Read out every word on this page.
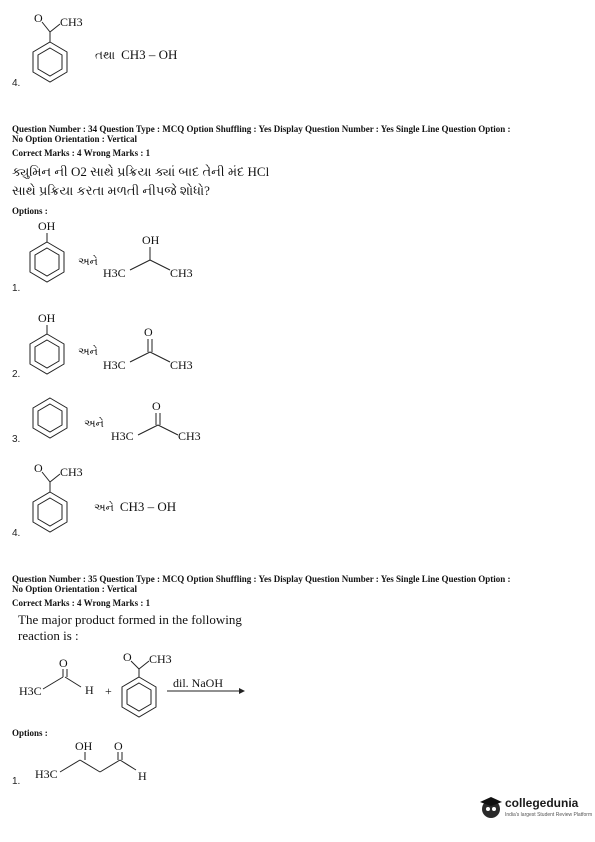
O CH3
તથા CH3 – OH
4.
Question Number : 34 Question Type : MCQ Option Shuffling : Yes Display Question Number : Yes Single Line Question Option :
No Option Orientation : Vertical
Correct Marks : 4 Wrong Marks : 1
ક્યુમિન ની O2 સાથે પ્રક્રિયા ક્યાં બાદ તેની મંદ HCl
સાથે પ્રક્રિયા કરતા મળતી નીપજે શોધો?
Options :
OH
અને
OH
H3C	CH3
1.
OH
અને
O
H3C	CH3
2.
અને
O
H3C	CH3
3.
O CH3
અને CH3 – OH
4.
Question Number : 35 Question Type : MCQ Option Shuffling : Yes Display Question Number : Yes Single Line Question Option :
No Option Orientation : Vertical
Correct Marks : 4 Wrong Marks : 1
The major product formed in the following
reaction is :
H3C
O
H +
O CH3
dil. NaOH
Options :
H3C
OH O
H
1.
collegedunia
India's largest Student Review Platform
